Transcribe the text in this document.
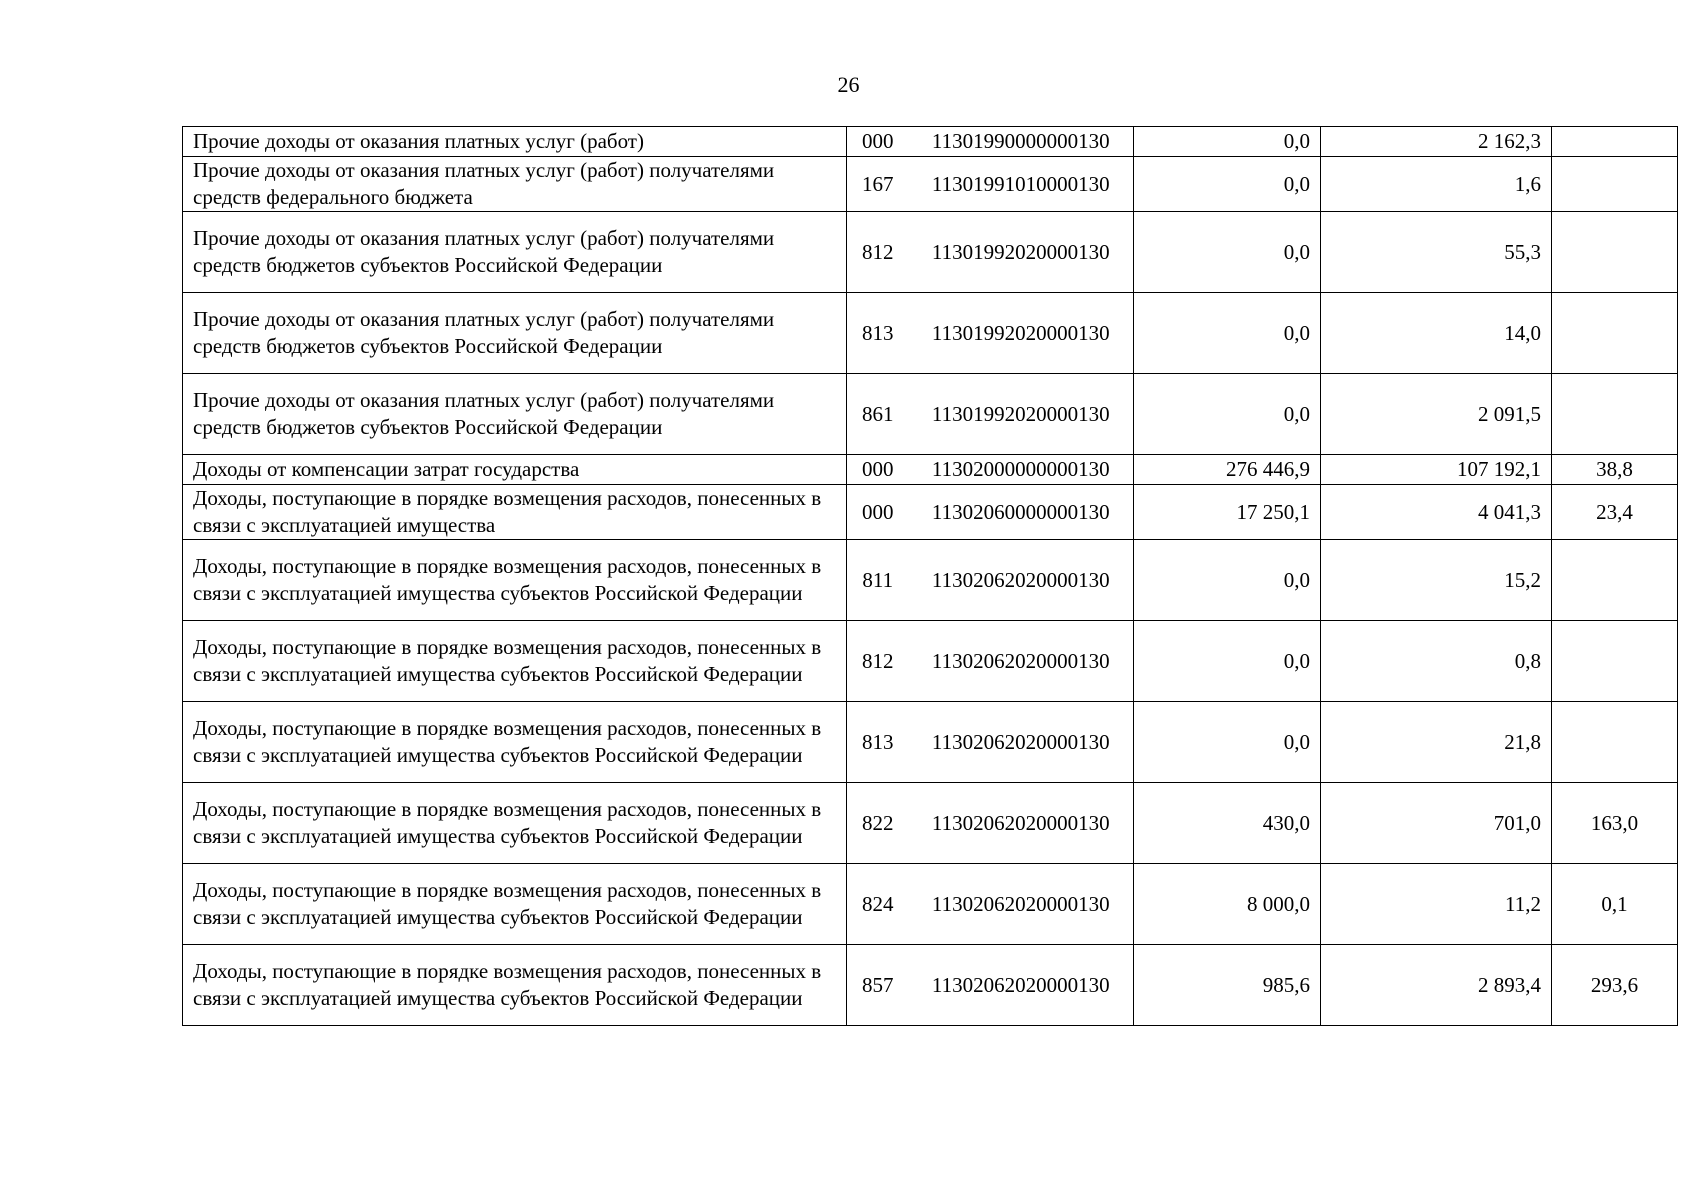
26
Прочие доходы от оказания платных услуг (работ)	000	11301990000000130	0,0	2 162,3	
Прочие доходы от оказания платных услуг (работ) получателями средств федерального бюджета	167	11301991010000130	0,0	1,6	
Прочие доходы от оказания платных услуг (работ) получателями средств бюджетов субъектов Российской Федерации	812	11301992020000130	0,0	55,3	
Прочие доходы от оказания платных услуг (работ) получателями средств бюджетов субъектов Российской Федерации	813	11301992020000130	0,0	14,0	
Прочие доходы от оказания платных услуг (работ) получателями средств бюджетов субъектов Российской Федерации	861	11301992020000130	0,0	2 091,5	
Доходы от компенсации затрат государства	000	11302000000000130	276 446,9	107 192,1	38,8
Доходы, поступающие в порядке возмещения расходов, понесенных в связи с эксплуатацией имущества	000	11302060000000130	17 250,1	4 041,3	23,4
Доходы, поступающие в порядке возмещения расходов, понесенных в связи с эксплуатацией имущества субъектов Российской Федерации	811	11302062020000130	0,0	15,2	
Доходы, поступающие в порядке возмещения расходов, понесенных в связи с эксплуатацией имущества субъектов Российской Федерации	812	11302062020000130	0,0	0,8	
Доходы, поступающие в порядке возмещения расходов, понесенных в связи с эксплуатацией имущества субъектов Российской Федерации	813	11302062020000130	0,0	21,8	
Доходы, поступающие в порядке возмещения расходов, понесенных в связи с эксплуатацией имущества субъектов Российской Федерации	822	11302062020000130	430,0	701,0	163,0
Доходы, поступающие в порядке возмещения расходов, понесенных в связи с эксплуатацией имущества субъектов Российской Федерации	824	11302062020000130	8 000,0	11,2	0,1
Доходы, поступающие в порядке возмещения расходов, понесенных в связи с эксплуатацией имущества субъектов Российской Федерации	857	11302062020000130	985,6	2 893,4	293,6
